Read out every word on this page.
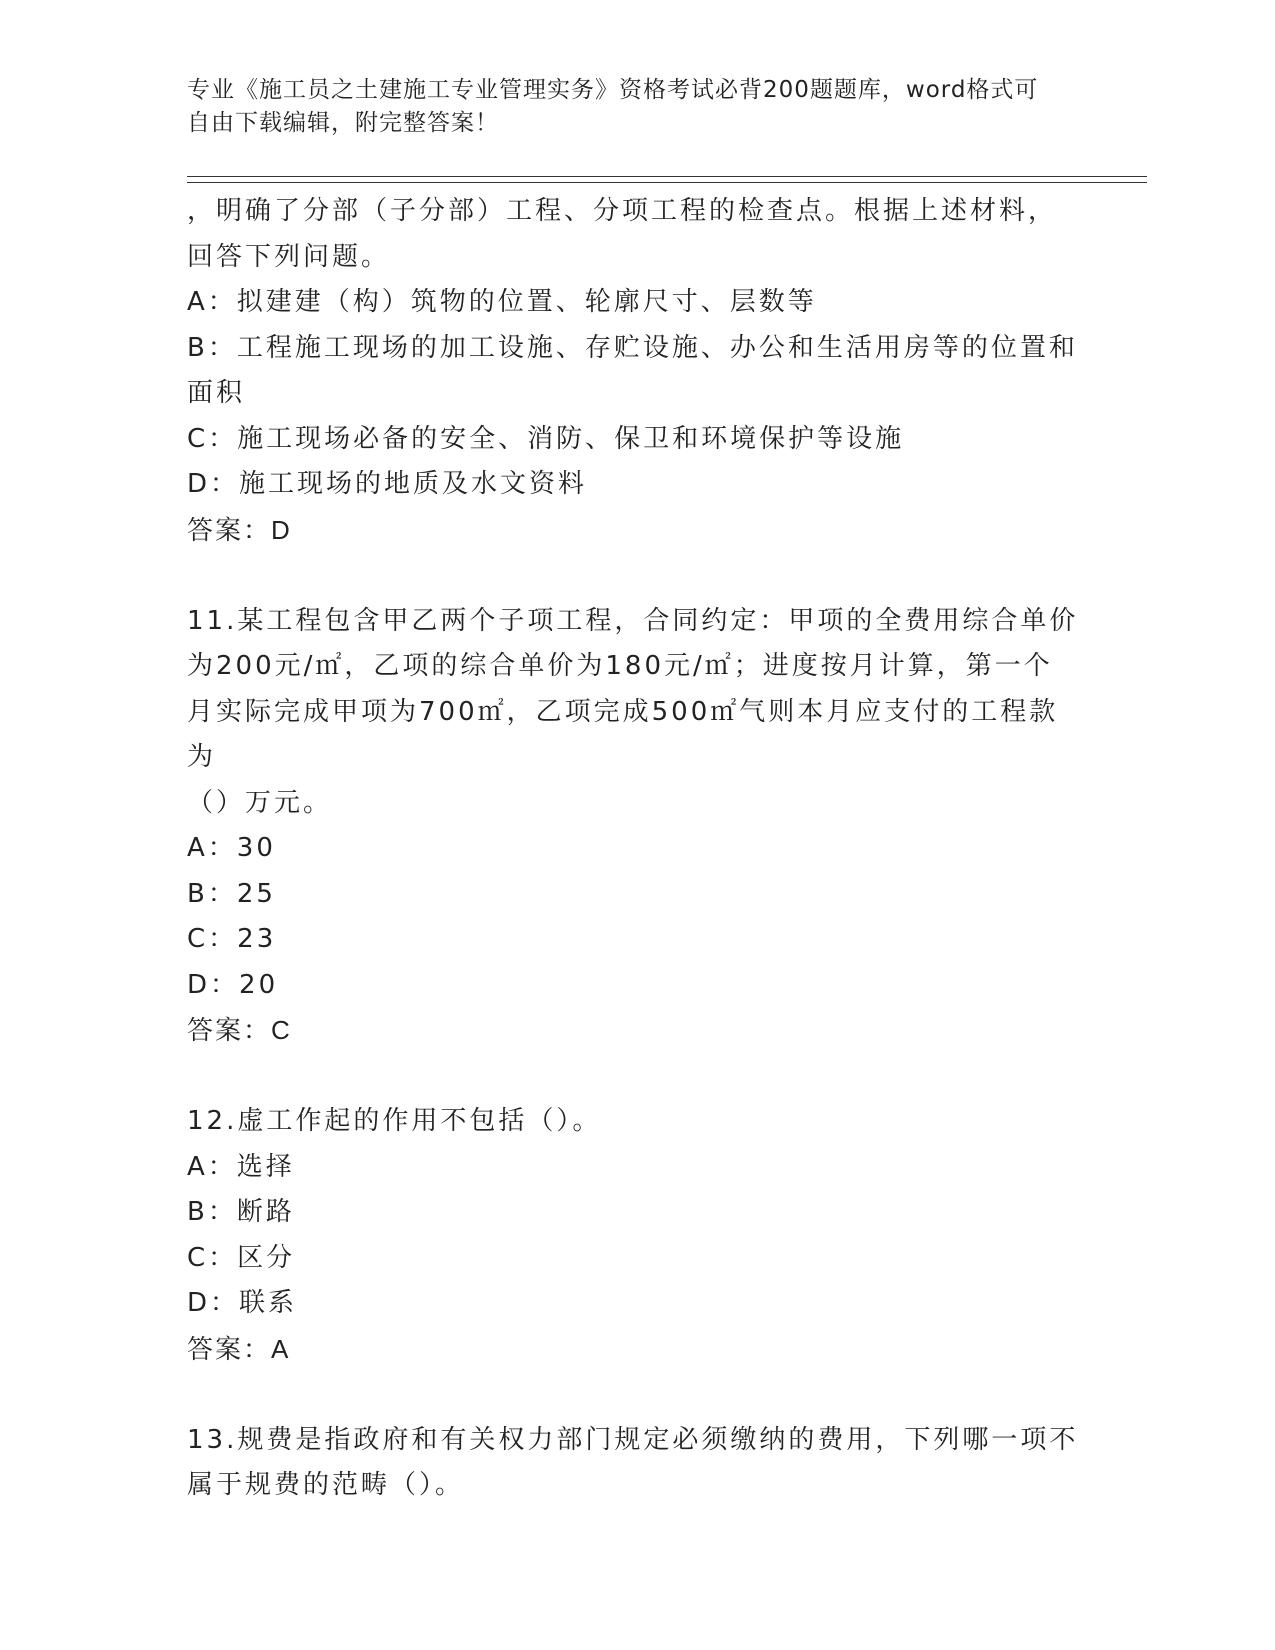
专业《施工员之土建施工专业管理实务》资格考试必背200题题库，word格式可
自由下载编辑，附完整答案！

，明确了分部（子分部）工程、分项工程的检查点。根据上述材料，

回答下列问题。

A：拟建建（构）筑物的位置、轮廓尺寸、层数等

B：工程施工现场的加工设施、存贮设施、办公和生活用房等的位置和

面积

C：施工现场必备的安全、消防、保卫和环境保护等设施

D：施工现场的地质及水文资料

答案：D

11.某工程包含甲乙两个子项工程，合同约定：甲项的全费用综合单价

为200元/㎡，乙项的综合单价为180元/㎡；进度按月计算，第一个

月实际完成甲项为700㎡，乙项完成500㎡气则本月应支付的工程款为

（）万元。

A：30

B：25

C：23

D：20

答案：C

12.虚工作起的作用不包括（）。

A：选择

B：断路

C：区分

D：联系

答案：A

13.规费是指政府和有关权力部门规定必须缴纳的费用，下列哪一项不

属于规费的范畴（）。
